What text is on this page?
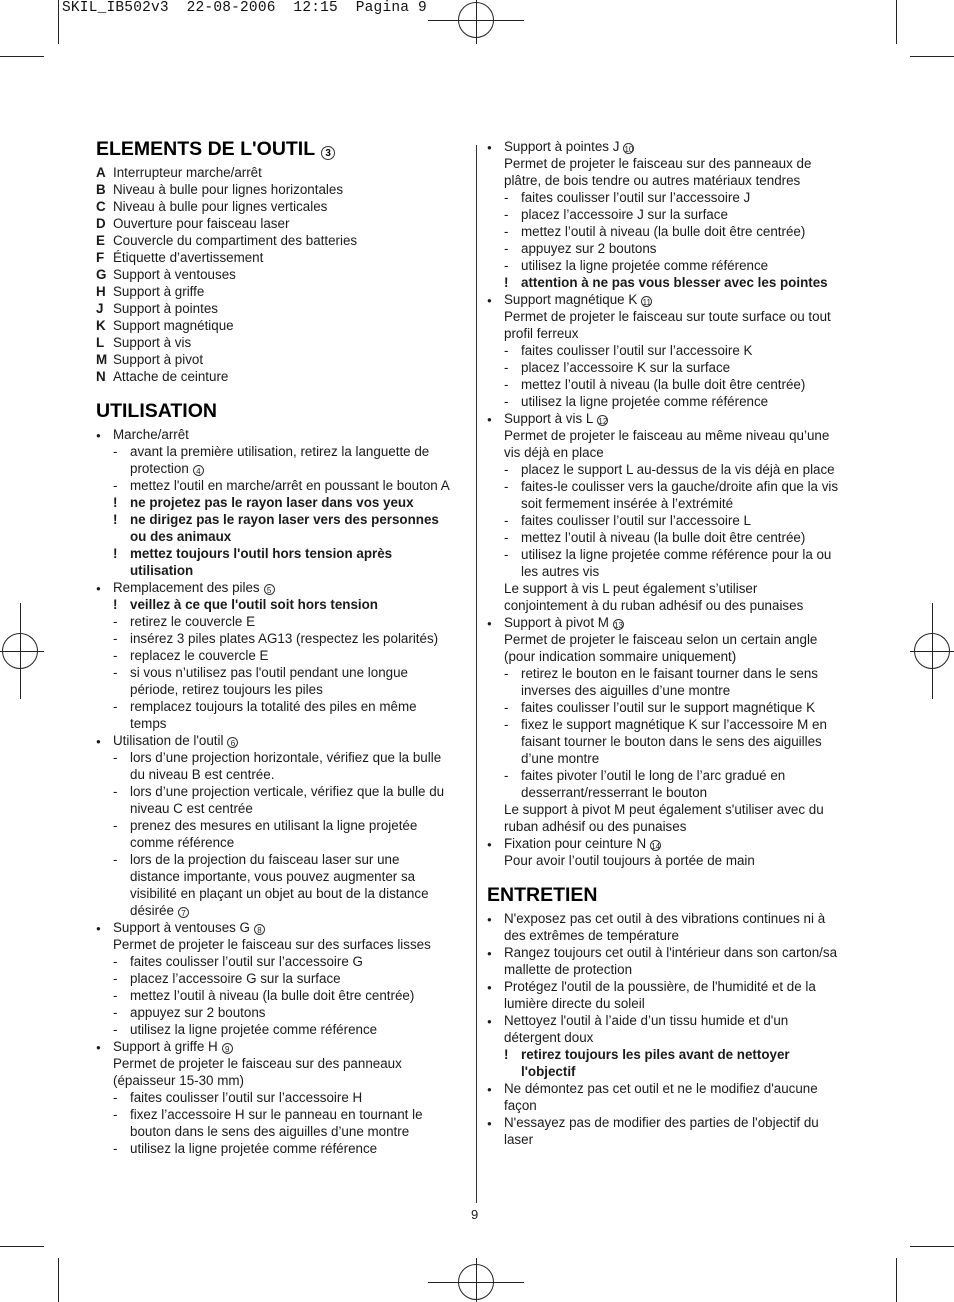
SKIL_IB502v3  22-08-2006  12:15  Pagina 9
ELEMENTS DE L'OUTIL 3
A Interrupteur marche/arrêt
B Niveau à bulle pour lignes horizontales
C Niveau à bulle pour lignes verticales
D Ouverture pour faisceau laser
E Couvercle du compartiment des batteries
F Étiquette d’avertissement
G Support à ventouses
H Support à griffe
J Support à pointes
K Support magnétique
L Support à vis
M Support à pivot
N Attache de ceinture
UTILISATION
● Marche/arrêt
- avant la première utilisation, retirez la languette de
protection 4
- mettez l'outil en marche/arrêt en poussant le bouton A
! ne projetez pas le rayon laser dans vos yeux
! ne dirigez pas le rayon laser vers des personnes
ou des animaux
! mettez toujours l'outil hors tension après
utilisation
● Remplacement des piles 5
! veillez à ce que l'outil soit hors tension
- retirez le couvercle E
- insérez 3 piles plates AG13 (respectez les polarités)
- replacez le couvercle E
- si vous n’utilisez pas l'outil pendant une longue
période, retirez toujours les piles
- remplacez toujours la totalité des piles en même
temps
● Utilisation de l'outil 6
- lors d’une projection horizontale, vérifiez que la bulle
du niveau B est centrée.
- lors d’une projection verticale, vérifiez que la bulle du
niveau C est centrée
- prenez des mesures en utilisant la ligne projetée
comme référence
- lors de la projection du faisceau laser sur une
distance importante, vous pouvez augmenter sa
visibilité en plaçant un objet au bout de la distance
désirée 7
● Support à ventouses G 8
Permet de projeter le faisceau sur des surfaces lisses
- faites coulisser l’outil sur l’accessoire G
- placez l’accessoire G sur la surface
- mettez l’outil à niveau (la bulle doit être centrée)
- appuyez sur 2 boutons
- utilisez la ligne projetée comme référence
● Support à griffe H 9
Permet de projeter le faisceau sur des panneaux
(épaisseur 15-30 mm)
- faites coulisser l’outil sur l’accessoire H
- fixez l’accessoire H sur le panneau en tournant le
bouton dans le sens des aiguilles d’une montre
- utilisez la ligne projetée comme référence
● Support à pointes J 10
Permet de projeter le faisceau sur des panneaux de
plâtre, de bois tendre ou autres matériaux tendres
- faites coulisser l’outil sur l’accessoire J
- placez l’accessoire J sur la surface
- mettez l’outil à niveau (la bulle doit être centrée)
- appuyez sur 2 boutons
- utilisez la ligne projetée comme référence
! attention à ne pas vous blesser avec les pointes
● Support magnétique K 11
Permet de projeter le faisceau sur toute surface ou tout
profil ferreux
- faites coulisser l’outil sur l’accessoire K
- placez l’accessoire K sur la surface
- mettez l’outil à niveau (la bulle doit être centrée)
- utilisez la ligne projetée comme référence
● Support à vis L 12
Permet de projeter le faisceau au même niveau qu’une
vis déjà en place
- placez le support L au-dessus de la vis déjà en place
- faites-le coulisser vers la gauche/droite afin que la vis
soit fermement insérée à l’extrémité
- faites coulisser l’outil sur l’accessoire L
- mettez l’outil à niveau (la bulle doit être centrée)
- utilisez la ligne projetée comme référence pour la ou
les autres vis
Le support à vis L peut également s’utiliser
conjointement à du ruban adhésif ou des punaises
● Support à pivot M 13
Permet de projeter le faisceau selon un certain angle
(pour indication sommaire uniquement)
- retirez le bouton en le faisant tourner dans le sens
inverses des aiguilles d’une montre
- faites coulisser l’outil sur le support magnétique K
- fixez le support magnétique K sur l’accessoire M en
faisant tourner le bouton dans le sens des aiguilles
d’une montre
- faites pivoter l’outil le long de l’arc gradué en
desserrant/resserrant le bouton
Le support à pivot M peut également s'utiliser avec du
ruban adhésif ou des punaises
● Fixation pour ceinture N 14
Pour avoir l’outil toujours à portée de main
ENTRETIEN
● N'exposez pas cet outil à des vibrations continues ni à
des extrêmes de température
● Rangez toujours cet outil à l'intérieur dans son carton/sa
mallette de protection
● Protégez l'outil de la poussière, de l'humidité et de la
lumière directe du soleil
● Nettoyez l'outil à l’aide d’un tissu humide et d'un
détergent doux
! retirez toujours les piles avant de nettoyer
l'objectif
● Ne démontez pas cet outil et ne le modifiez d'aucune
façon
● N'essayez pas de modifier des parties de l'objectif du
laser
9
